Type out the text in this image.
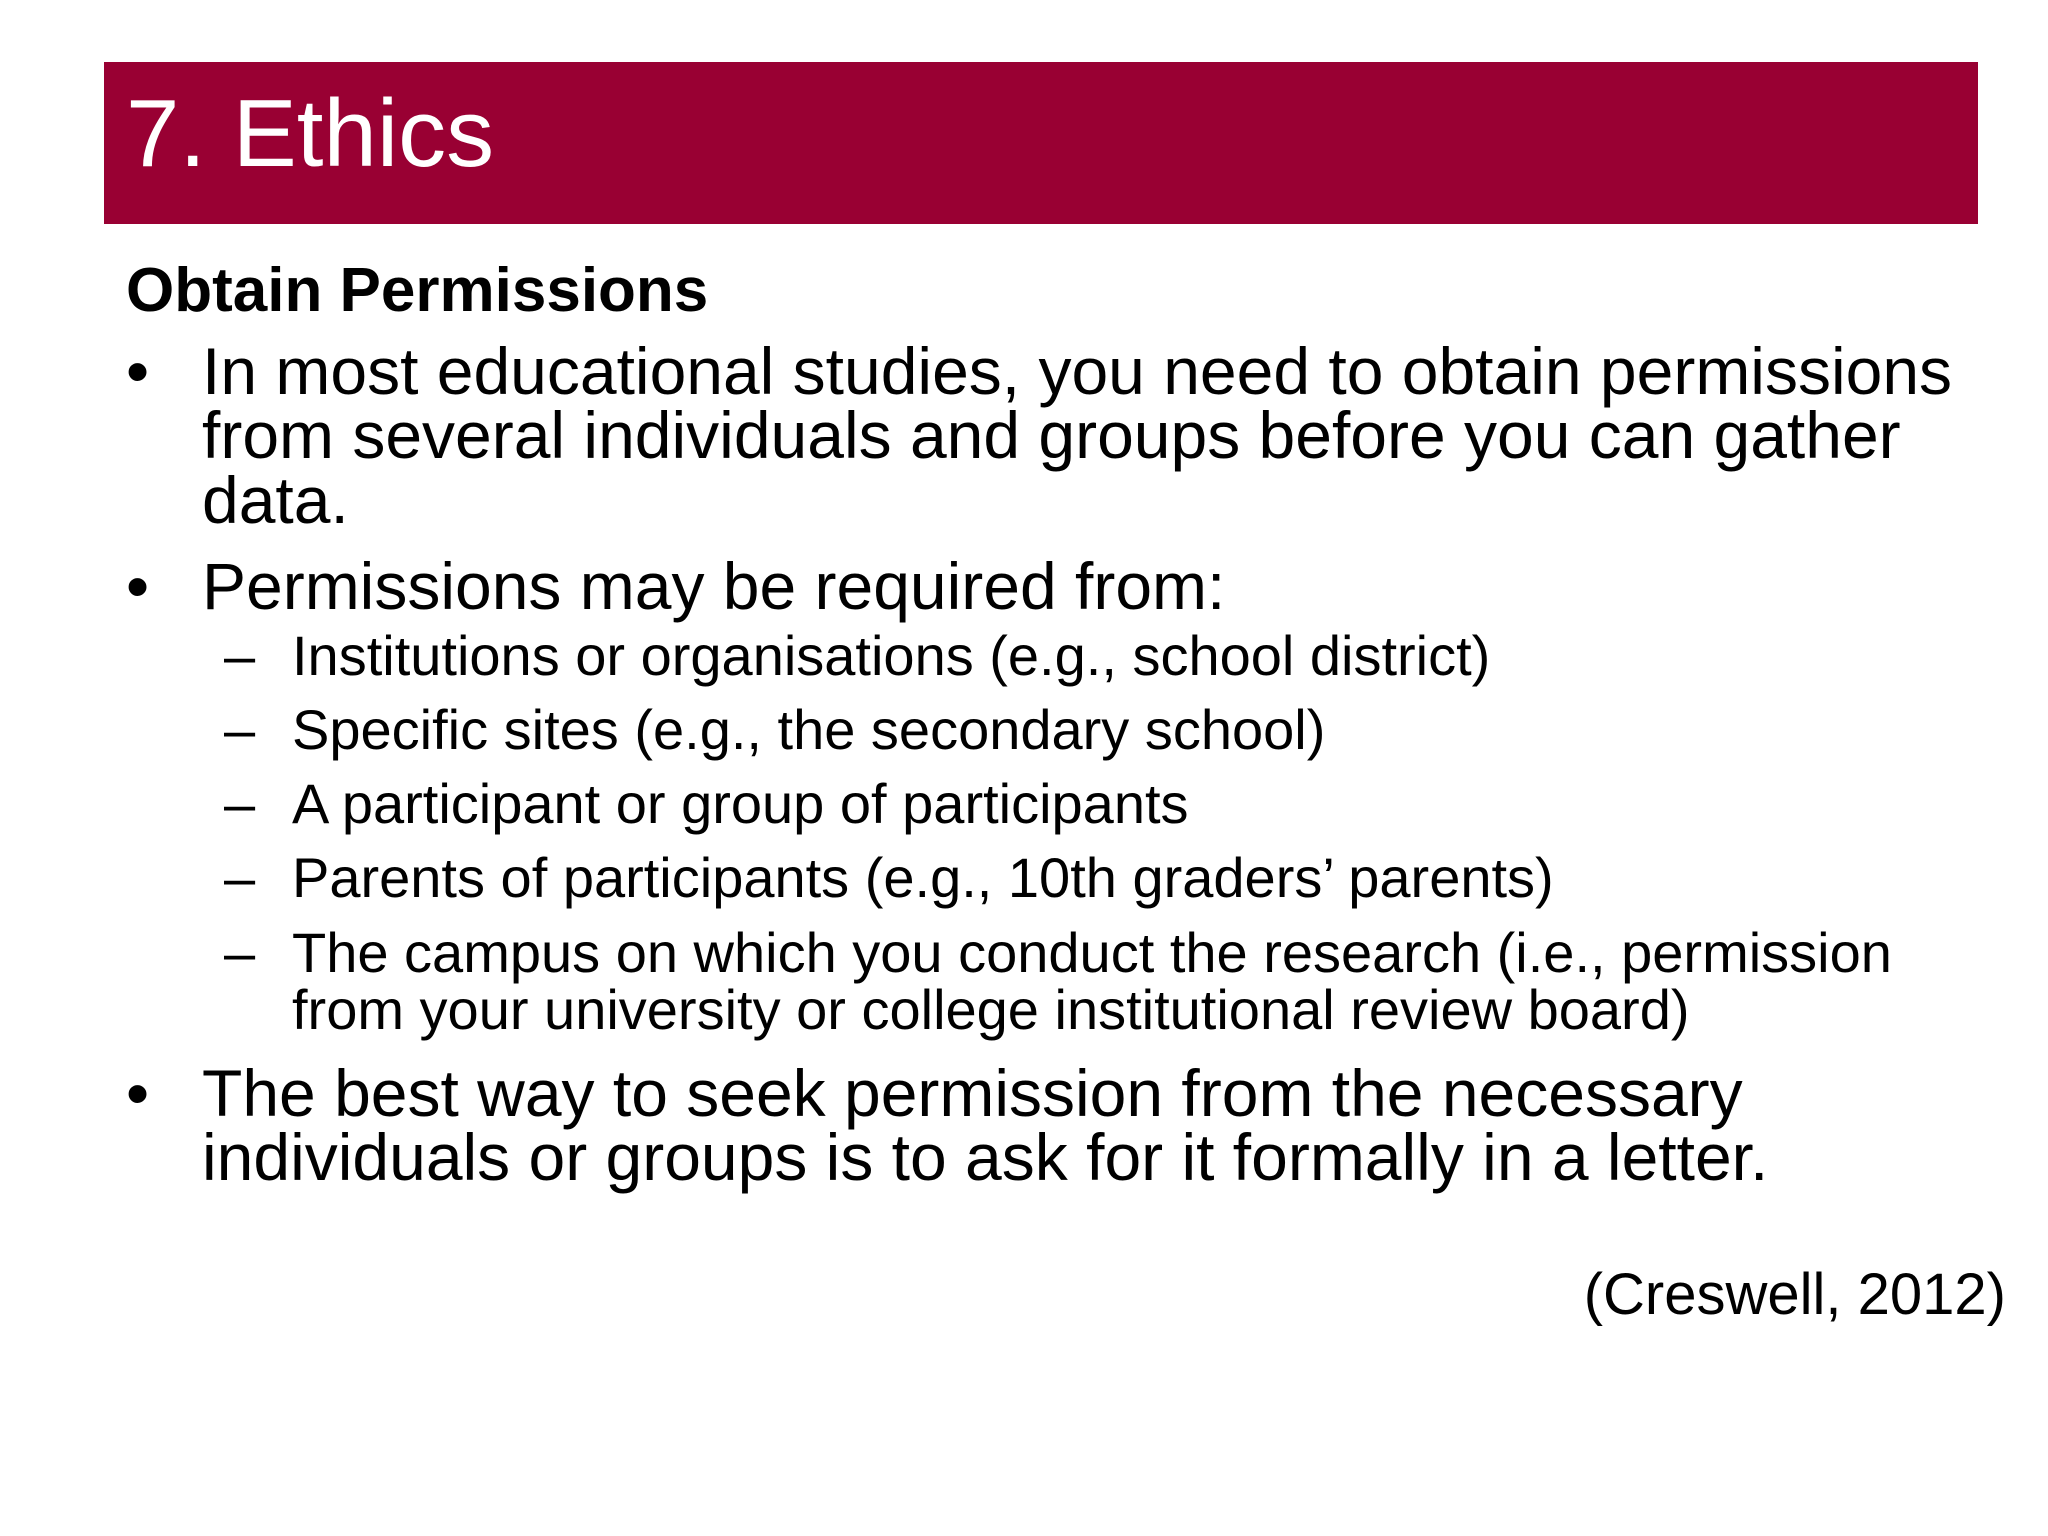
7. Ethics
Obtain Permissions
• In most educational studies, you need to obtain permissions from several individuals and groups before you can gather data.
• Permissions may be required from:
– Institutions or organisations (e.g., school district)
– Specific sites (e.g., the secondary school)
– A participant or group of participants
– Parents of participants (e.g., 10th graders’ parents)
– The campus on which you conduct the research (i.e., permission from your university or college institutional review board)
• The best way to seek permission from the necessary individuals or groups is to ask for it formally in a letter.
(Creswell, 2012)
